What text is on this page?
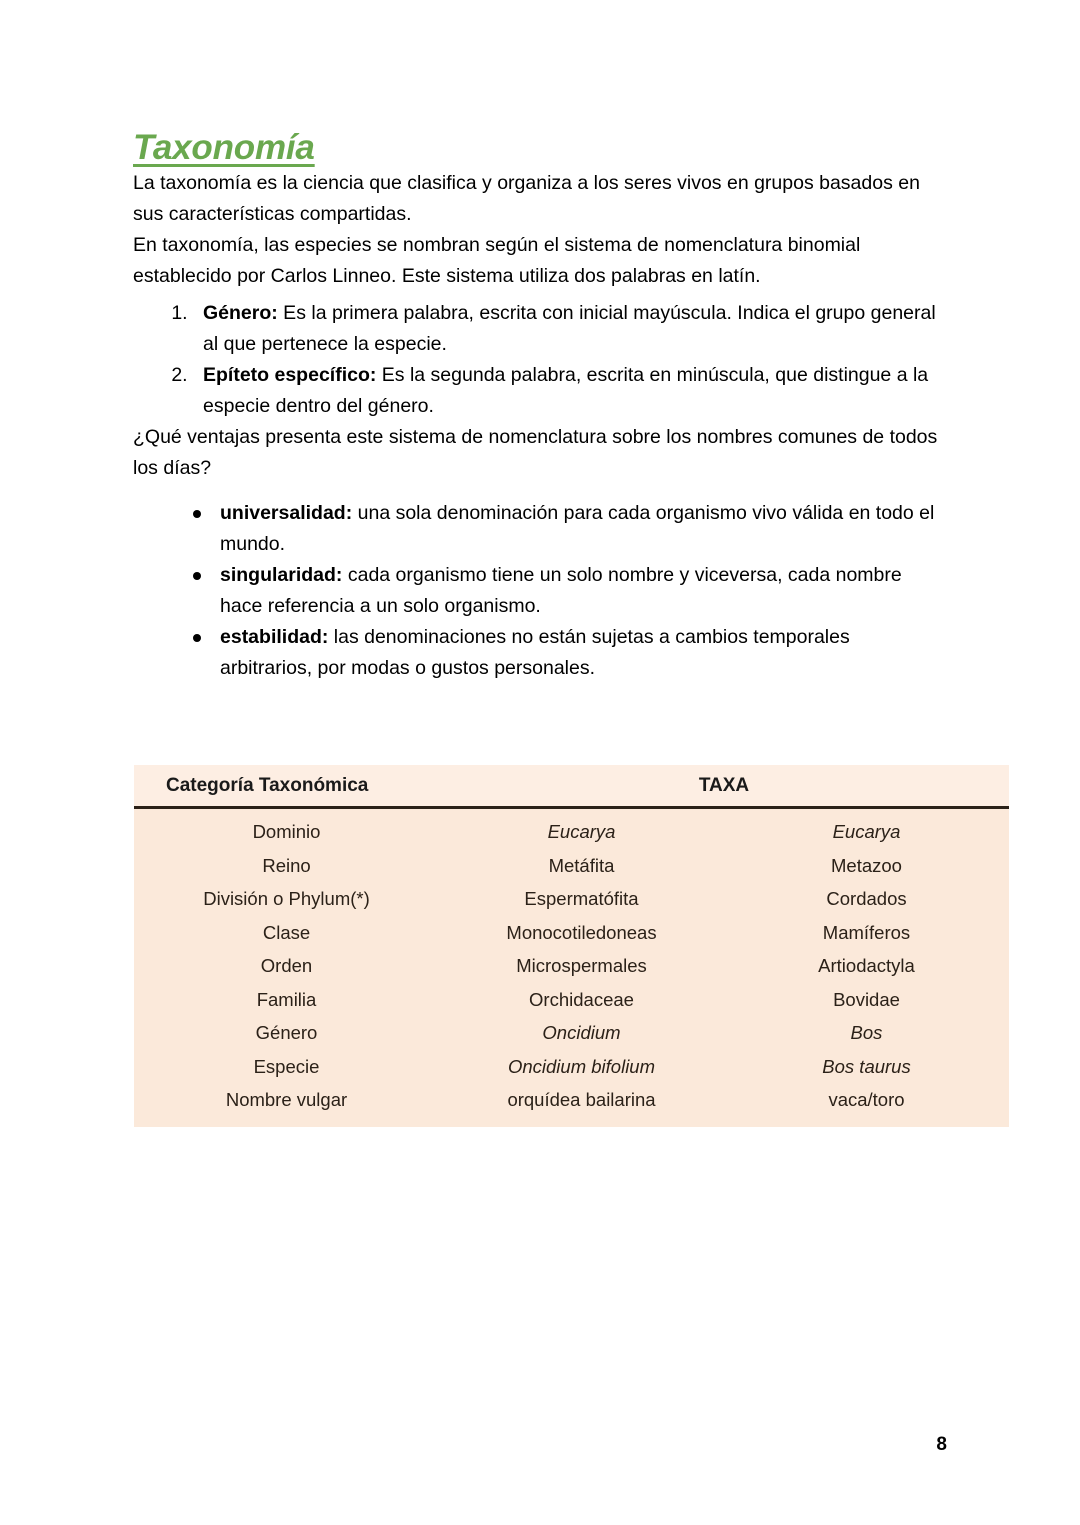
Taxonomía

La taxonomía es la ciencia que clasifica y organiza a los seres vivos en grupos basados en sus características compartidas.

En taxonomía, las especies se nombran según el sistema de nomenclatura binomial establecido por Carlos Linneo. Este sistema utiliza dos palabras en latín.

1. Género: Es la primera palabra, escrita con inicial mayúscula. Indica el grupo general al que pertenece la especie.
2. Epíteto específico: Es la segunda palabra, escrita en minúscula, que distingue a la especie dentro del género.

¿Qué ventajas presenta este sistema de nomenclatura sobre los nombres comunes de todos los días?

universalidad: una sola denominación para cada organismo vivo válida en todo el mundo.
singularidad: cada organismo tiene un solo nombre y viceversa, cada nombre hace referencia a un solo organismo.
estabilidad: las denominaciones no están sujetas a cambios temporales arbitrarios, por modas o gustos personales.
Categoría Taxonómica	TAXA	
Dominio	Eucarya	Eucarya
Reino	Metáfita	Metazoo
División o Phylum(*)	Espermatófita	Cordados
Clase	Monocotiledoneas	Mamíferos
Orden	Microspermales	Artiodactyla
Familia	Orchidaceae	Bovidae
Género	Oncidium	Bos
Especie	Oncidium bifolium	Bos taurus
Nombre vulgar	orquídea bailarina	vaca/toro
8
